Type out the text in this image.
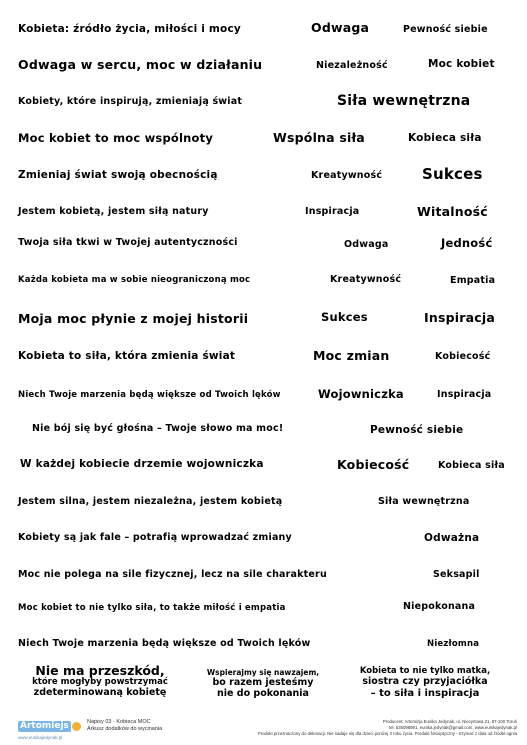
Kobieta: źródło życia, miłości i mocy	Odwaga	Pewność siebie
Odwaga w sercu, moc w działaniu	Niezależność	Moc kobiet
Kobiety, które inspirują, zmieniają świat	Siła wewnętrzna
Moc kobiet to moc wspólnoty	Wspólna siła	Kobieca siła
Zmieniaj świat swoją obecnością	Kreatywność	Sukces
Jestem kobietą, jestem siłą natury	Inspiracja	Witalność
Twoja siła tkwi w Twojej autentyczności	Odwaga	Jedność
Każda kobieta ma w sobie nieograniczoną moc	Kreatywność	Empatia
Moja moc płynie z mojej historii	Sukces	Inspiracja
Kobieta to siła, która zmienia świat	Moc zmian	Kobiecość
Niech Twoje marzenia będą większe od Twoich lęków	Wojowniczka	Inspiracja
Nie bój się być głośna – Twoje słowo ma moc!	Pewność siebie
W każdej kobiecie drzemie wojowniczka	Kobiecość	Kobieca siła
Jestem silna, jestem niezależna, jestem kobietą	Siła wewnętrzna
Kobiety są jak fale – potrafią wprowadzać zmiany	Odważna
Moc nie polega na sile fizycznej, lecz na sile charakteru	Seksapil
Moc kobiet to nie tylko siła, to także miłość i empatia	Niepokonana
Niech Twoje marzenia będą większe od Twoich lęków	Niezłomna
Nie ma przeszkód,
które mogłyby powstrzymać
zdeterminowaną kobietę
Wspierajmy się nawzajem,
bo razem jesteśmy
nie do pokonania
Kobieta to nie tylko matka,
siostra czy przyjaciółka
– to siła i inspiracja
Artomiejs
www.eunikajedynak.pl
Napisy 03 - Kobieca MOC
Arkusz dodatków do wycinania
Producent: Artemizja Eunika Jedynak, ul. Niecyrtowa 21, 87-100 Toruń
tel. 535098991, eunika.jedynak@gmail.com, www.eunikajedynak.pl
Produkt przeznaczony do dekoracji. Nie nadaje się dla dzieci poniżej 3 roku życia. Produkt fotooptyczny - trzymać z dala od źródeł ognia
